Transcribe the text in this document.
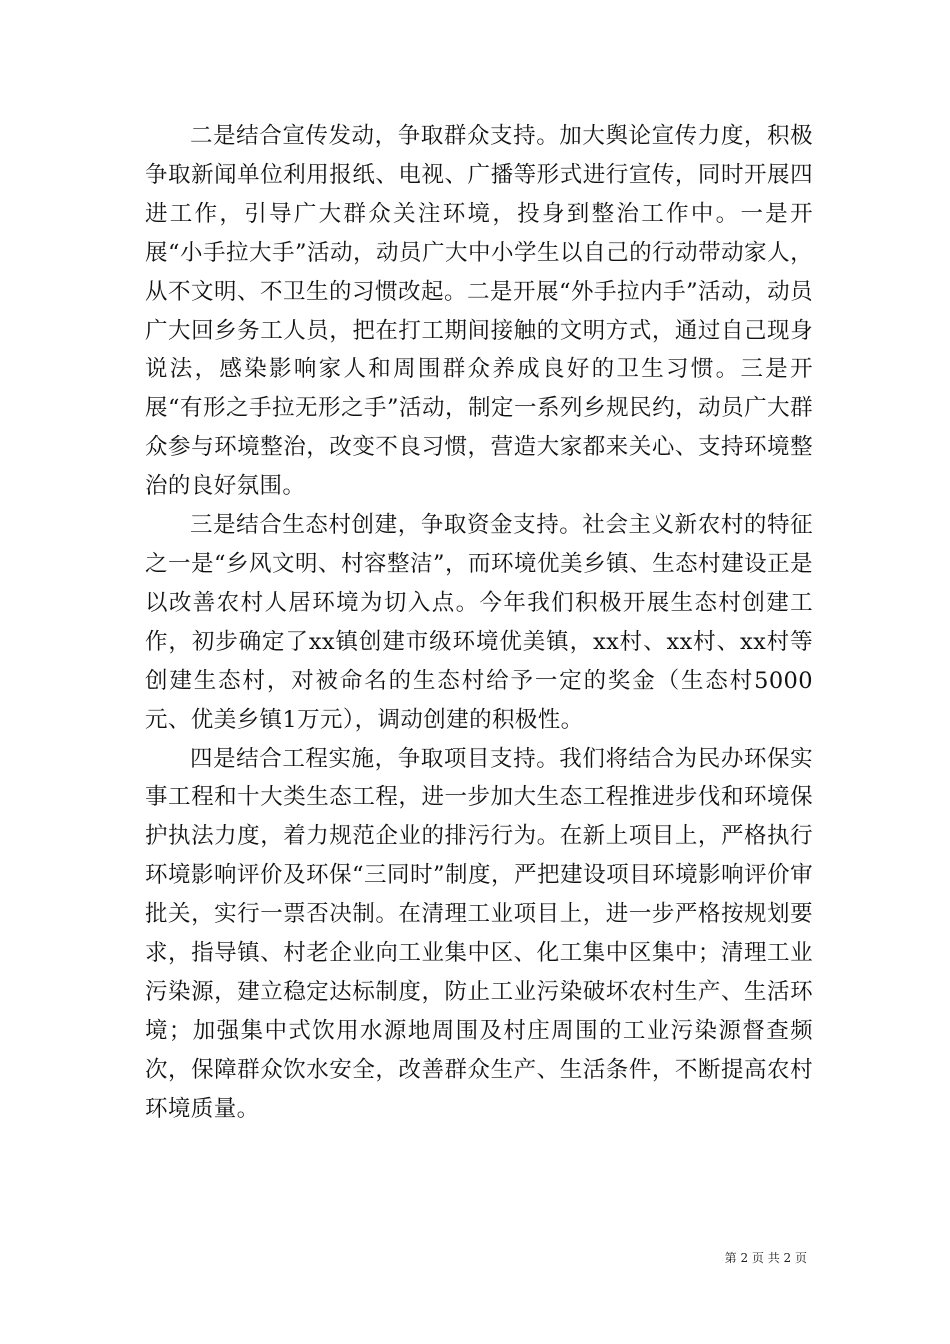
二是结合宣传发动，争取群众支持。加大舆论宣传力度，积极争取新闻单位利用报纸、电视、广播等形式进行宣传，同时开展四进工作，引导广大群众关注环境，投身到整治工作中。一是开展“小手拉大手”活动，动员广大中小学生以自己的行动带动家人，从不文明、不卫生的习惯改起。二是开展“外手拉内手”活动，动员广大回乡务工人员，把在打工期间接触的文明方式，通过自己现身说法，感染影响家人和周围群众养成良好的卫生习惯。三是开展“有形之手拉无形之手”活动，制定一系列乡规民约，动员广大群众参与环境整治，改变不良习惯，营造大家都来关心、支持环境整治的良好氛围。

三是结合生态村创建，争取资金支持。社会主义新农村的特征之一是“乡风文明、村容整洁”，而环境优美乡镇、生态村建设正是以改善农村人居环境为切入点。今年我们积极开展生态村创建工作，初步确定了xx镇创建市级环境优美镇，xx村、xx村、xx村等创建生态村，对被命名的生态村给予一定的奖金（生态村5000元、优美乡镇1万元），调动创建的积极性。

四是结合工程实施，争取项目支持。我们将结合为民办环保实事工程和十大类生态工程，进一步加大生态工程推进步伐和环境保护执法力度，着力规范企业的排污行为。在新上项目上，严格执行环境影响评价及环保“三同时”制度，严把建设项目环境影响评价审批关，实行一票否决制。在清理工业项目上，进一步严格按规划要求，指导镇、村老企业向工业集中区、化工集中区集中；清理工业污染源，建立稳定达标制度，防止工业污染破坏农村生产、生活环境；加强集中式饮用水源地周围及村庄周围的工业污染源督查频次，保障群众饮水安全，改善群众生产、生活条件，不断提高农村环境质量。

第 2 页 共 2 页
